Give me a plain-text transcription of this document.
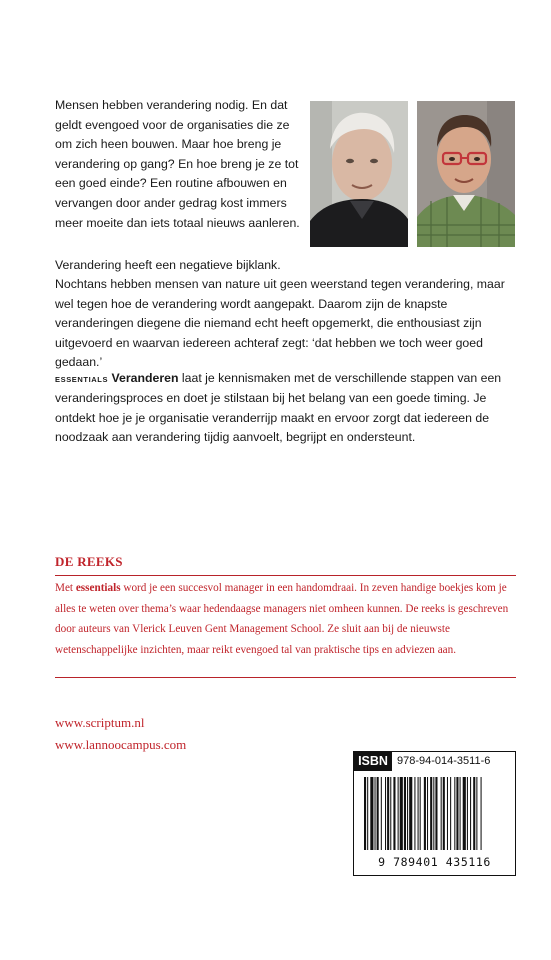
Mensen hebben verandering nodig. En dat geldt evengoed voor de organisaties die ze om zich heen bouwen. Maar hoe breng je verandering op gang? En hoe breng je ze tot een goed einde? Een routine afbouwen en vervangen door ander gedrag kost immers meer moeite dan iets totaal nieuws aanleren.

Verandering heeft een negatieve bijklank.
Nochtans hebben mensen van nature uit geen weerstand tegen verandering, maar wel tegen hoe de verandering wordt aangepakt. Daarom zijn de knapste veranderingen diegene die niemand echt heeft opgemerkt, die enthousiast zijn uitgevoerd en waarvan iedereen achteraf zegt: ‘dat hebben we toch weer goed gedaan.’

ESSENTIALS Veranderen laat je kennismaken met de verschillende stappen van een veranderingsproces en doet je stilstaan bij het belang van een goede timing. Je ontdekt hoe je je organisatie veranderrijp maakt en ervoor zorgt dat iedereen de noodzaak aan verandering tijdig aanvoelt, begrijpt en ondersteunt.

DE REEKS

Met essentials word je een succesvol manager in een handomdraai. In zeven handige boekjes kom je alles te weten over thema’s waar hedendaagse managers niet omheen kunnen. De reeks is geschreven door auteurs van Vlerick Leuven Gent Management School. Ze sluit aan bij de nieuwste wetenschappelijke inzichten, maar reikt evengoed tal van praktische tips en adviezen aan.

www.scriptum.nl

www.lannoocampus.com

ISBN 978-94-014-3511-6
9 789401 435116
